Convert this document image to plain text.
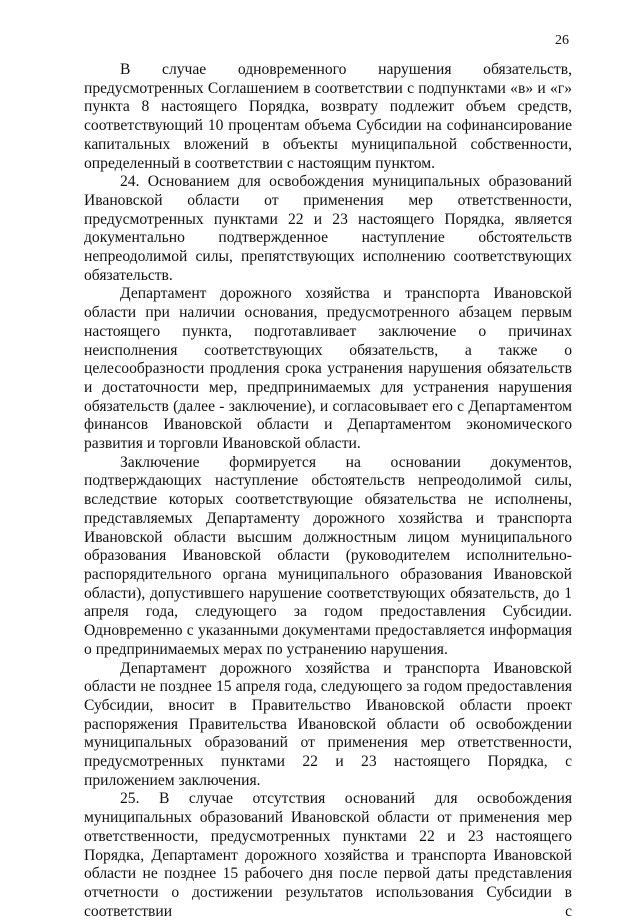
26

В случае одновременного нарушения обязательств, предусмотренных Соглашением в соответствии с подпунктами «в» и «г» пункта 8 настоящего Порядка, возврату подлежит объем средств, соответствующий 10 процентам объема Субсидии на софинансирование капитальных вложений в объекты муниципальной собственности, определенный в соответствии с настоящим пунктом.

24. Основанием для освобождения муниципальных образований Ивановской области от применения мер ответственности, предусмотренных пунктами 22 и 23 настоящего Порядка, является документально подтвержденное наступление обстоятельств непреодолимой силы, препятствующих исполнению соответствующих обязательств.

Департамент дорожного хозяйства и транспорта Ивановской области при наличии основания, предусмотренного абзацем первым настоящего пункта, подготавливает заключение о причинах неисполнения соответствующих обязательств, а также о целесообразности продления срока устранения нарушения обязательств и достаточности мер, предпринимаемых для устранения нарушения обязательств (далее - заключение), и согласовывает его с Департаментом финансов Ивановской области и Департаментом экономического развития и торговли Ивановской области.

Заключение формируется на основании документов, подтверждающих наступление обстоятельств непреодолимой силы, вследствие которых соответствующие обязательства не исполнены, представляемых Департаменту дорожного хозяйства и транспорта Ивановской области высшим должностным лицом муниципального образования Ивановской области (руководителем исполнительно-распорядительного органа муниципального образования Ивановской области), допустившего нарушение соответствующих обязательств, до 1 апреля года, следующего за годом предоставления Субсидии. Одновременно с указанными документами предоставляется информация о предпринимаемых мерах по устранению нарушения.

Департамент дорожного хозяйства и транспорта Ивановской области не позднее 15 апреля года, следующего за годом предоставления Субсидии, вносит в Правительство Ивановской области проект распоряжения Правительства Ивановской области об освобождении муниципальных образований от применения мер ответственности, предусмотренных пунктами 22 и 23 настоящего Порядка, с приложением заключения.

25. В случае отсутствия оснований для освобождения муниципальных образований Ивановской области от применения мер ответственности, предусмотренных пунктами 22 и 23 настоящего Порядка, Департамент дорожного хозяйства и транспорта Ивановской области не позднее 15 рабочего дня после первой даты представления отчетности о достижении результатов использования Субсидии в соответствии с
